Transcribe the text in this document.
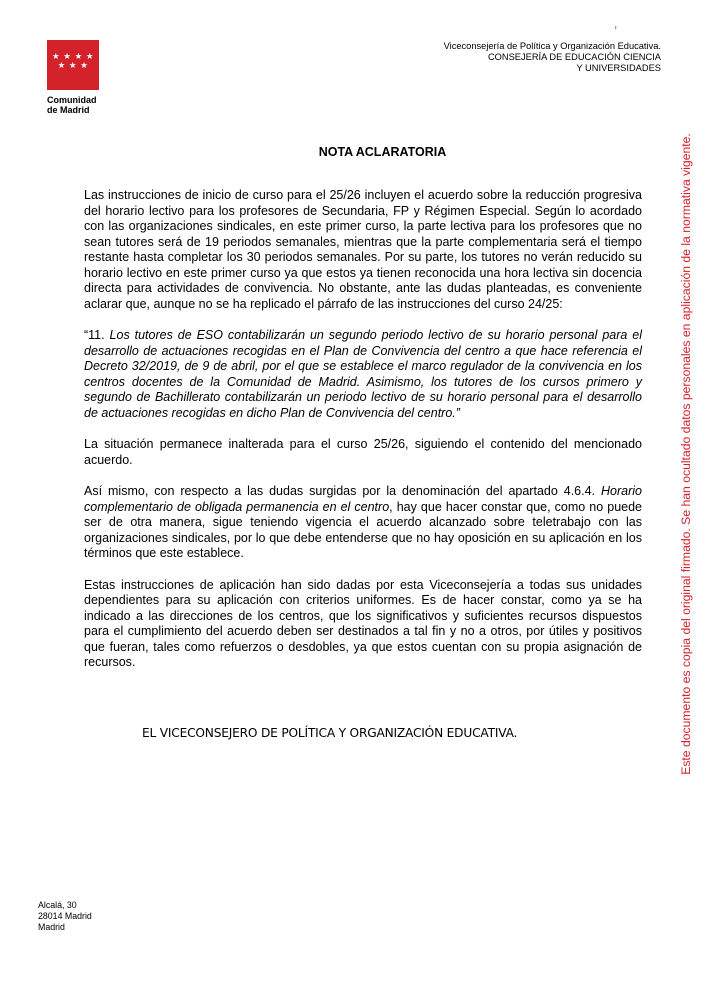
★ ★ ★ ★
★ ★ ★
Comunidad
de Madrid
ʼ
Viceconsejería de Política y Organización Educativa.
CONSEJERÍA DE EDUCACIÓN CIENCIA
Y UNIVERSIDADES
NOTA ACLARATORIA

Las instrucciones de inicio de curso para el 25/26 incluyen el acuerdo sobre la reducción progresiva del horario lectivo para los profesores de Secundaria, FP y Régimen Especial. Según lo acordado con las organizaciones sindicales, en este primer curso, la parte lectiva para los profesores que no sean tutores será de 19 periodos semanales, mientras que la parte complementaria será el tiempo restante hasta completar los 30 periodos semanales. Por su parte, los tutores no verán reducido su horario lectivo en este primer curso ya que estos ya tienen reconocida una hora lectiva sin docencia directa para actividades de convivencia. No obstante, ante las dudas planteadas, es conveniente aclarar que, aunque no se ha replicado el párrafo de las instrucciones del curso 24/25:

“11. Los tutores de ESO contabilizarán un segundo periodo lectivo de su horario personal para el desarrollo de actuaciones recogidas en el Plan de Convivencia del centro a que hace referencia el Decreto 32/2019, de 9 de abril, por el que se establece el marco regulador de la convivencia en los centros docentes de la Comunidad de Madrid. Asimismo, los tutores de los cursos primero y segundo de Bachillerato contabilizarán un periodo lectivo de su horario personal para el desarrollo de actuaciones recogidas en dicho Plan de Convivencia del centro.”

La situación permanece inalterada para el curso 25/26, siguiendo el contenido del mencionado acuerdo.

Así mismo, con respecto a las dudas surgidas por la denominación del apartado 4.6.4. Horario complementario de obligada permanencia en el centro, hay que hacer constar que, como no puede ser de otra manera, sigue teniendo vigencia el acuerdo alcanzado sobre teletrabajo con las organizaciones sindicales, por lo que debe entenderse que no hay oposición en su aplicación en los términos que este establece.

Estas instrucciones de aplicación han sido dadas por esta Viceconsejería a todas sus unidades dependientes para su aplicación con criterios uniformes. Es de hacer constar, como ya se ha indicado a las direcciones de los centros, que los significativos y suficientes recursos dispuestos para el cumplimiento del acuerdo deben ser destinados a tal fin y no a otros, por útiles y positivos que fueran, tales como refuerzos o desdobles, ya que estos cuentan con su propia asignación de recursos.

EL VICECONSEJERO DE POLÍTICA Y ORGANIZACIÓN EDUCATIVA.
Alcalá, 30
28014 Madrid
Madrid
Este documento es copia del original firmado. Se han ocultado datos personales en aplicación de la normativa vigente.
